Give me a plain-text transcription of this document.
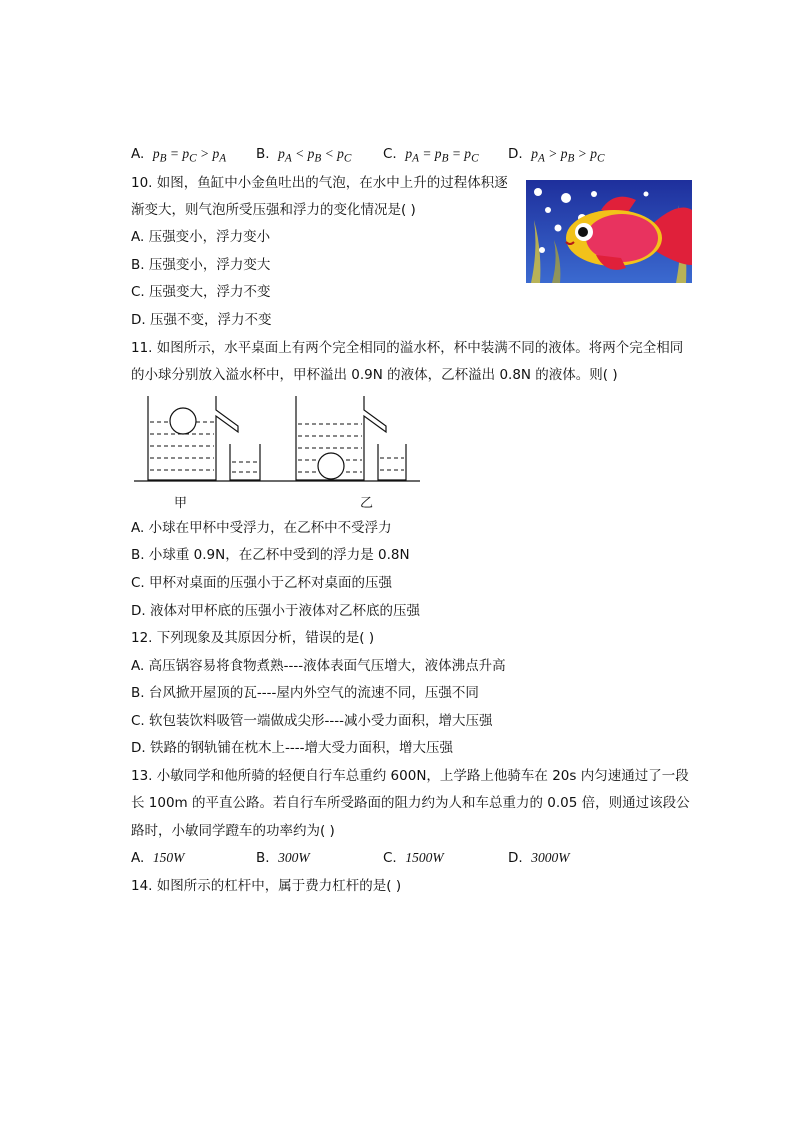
A. $p_B = p_C > p_A$ B. $p_A < p_B < p_C$ C. $p_A = p_B = p_C$ D. $p_A > p_B > p_C$
10. 如图，鱼缸中小金鱼吐出的气泡，在水中上升的过程体积逐
渐变大，则气泡所受压强和浮力的变化情况是( )
A. 压强变小，浮力变小
B. 压强变小，浮力变大
C. 压强变大，浮力不变
D. 压强不变，浮力不变
11. 如图所示，水平桌面上有两个完全相同的溢水杯，杯中装满不同的液体。将两个完全相同
的小球分别放入溢水杯中，甲杯溢出 0.9N 的液体，乙杯溢出 0.8N 的液体。则( )
甲	乙
A. 小球在甲杯中受浮力，在乙杯中不受浮力
B. 小球重 0.9N，在乙杯中受到的浮力是 0.8N
C. 甲杯对桌面的压强小于乙杯对桌面的压强
D. 液体对甲杯底的压强小于液体对乙杯底的压强
12. 下列现象及其原因分析，错误的是( )
A. 高压锅容易将食物煮熟----液体表面气压增大，液体沸点升高
B. 台风掀开屋顶的瓦----屋内外空气的流速不同，压强不同
C. 软包装饮料吸管一端做成尖形----减小受力面积，增大压强
D. 铁路的钢轨铺在枕木上----增大受力面积，增大压强
13. 小敏同学和他所骑的轻便自行车总重约 600N，上学路上他骑车在 20s 内匀速通过了一段
长 100m 的平直公路。若自行车所受路面的阻力约为人和车总重力的 0.05 倍，则通过该段公
路时，小敏同学蹬车的功率约为( )
A. 150W	B. 300W	C. 1500W	D. 3000W
14. 如图所示的杠杆中，属于费力杠杆的是( )
